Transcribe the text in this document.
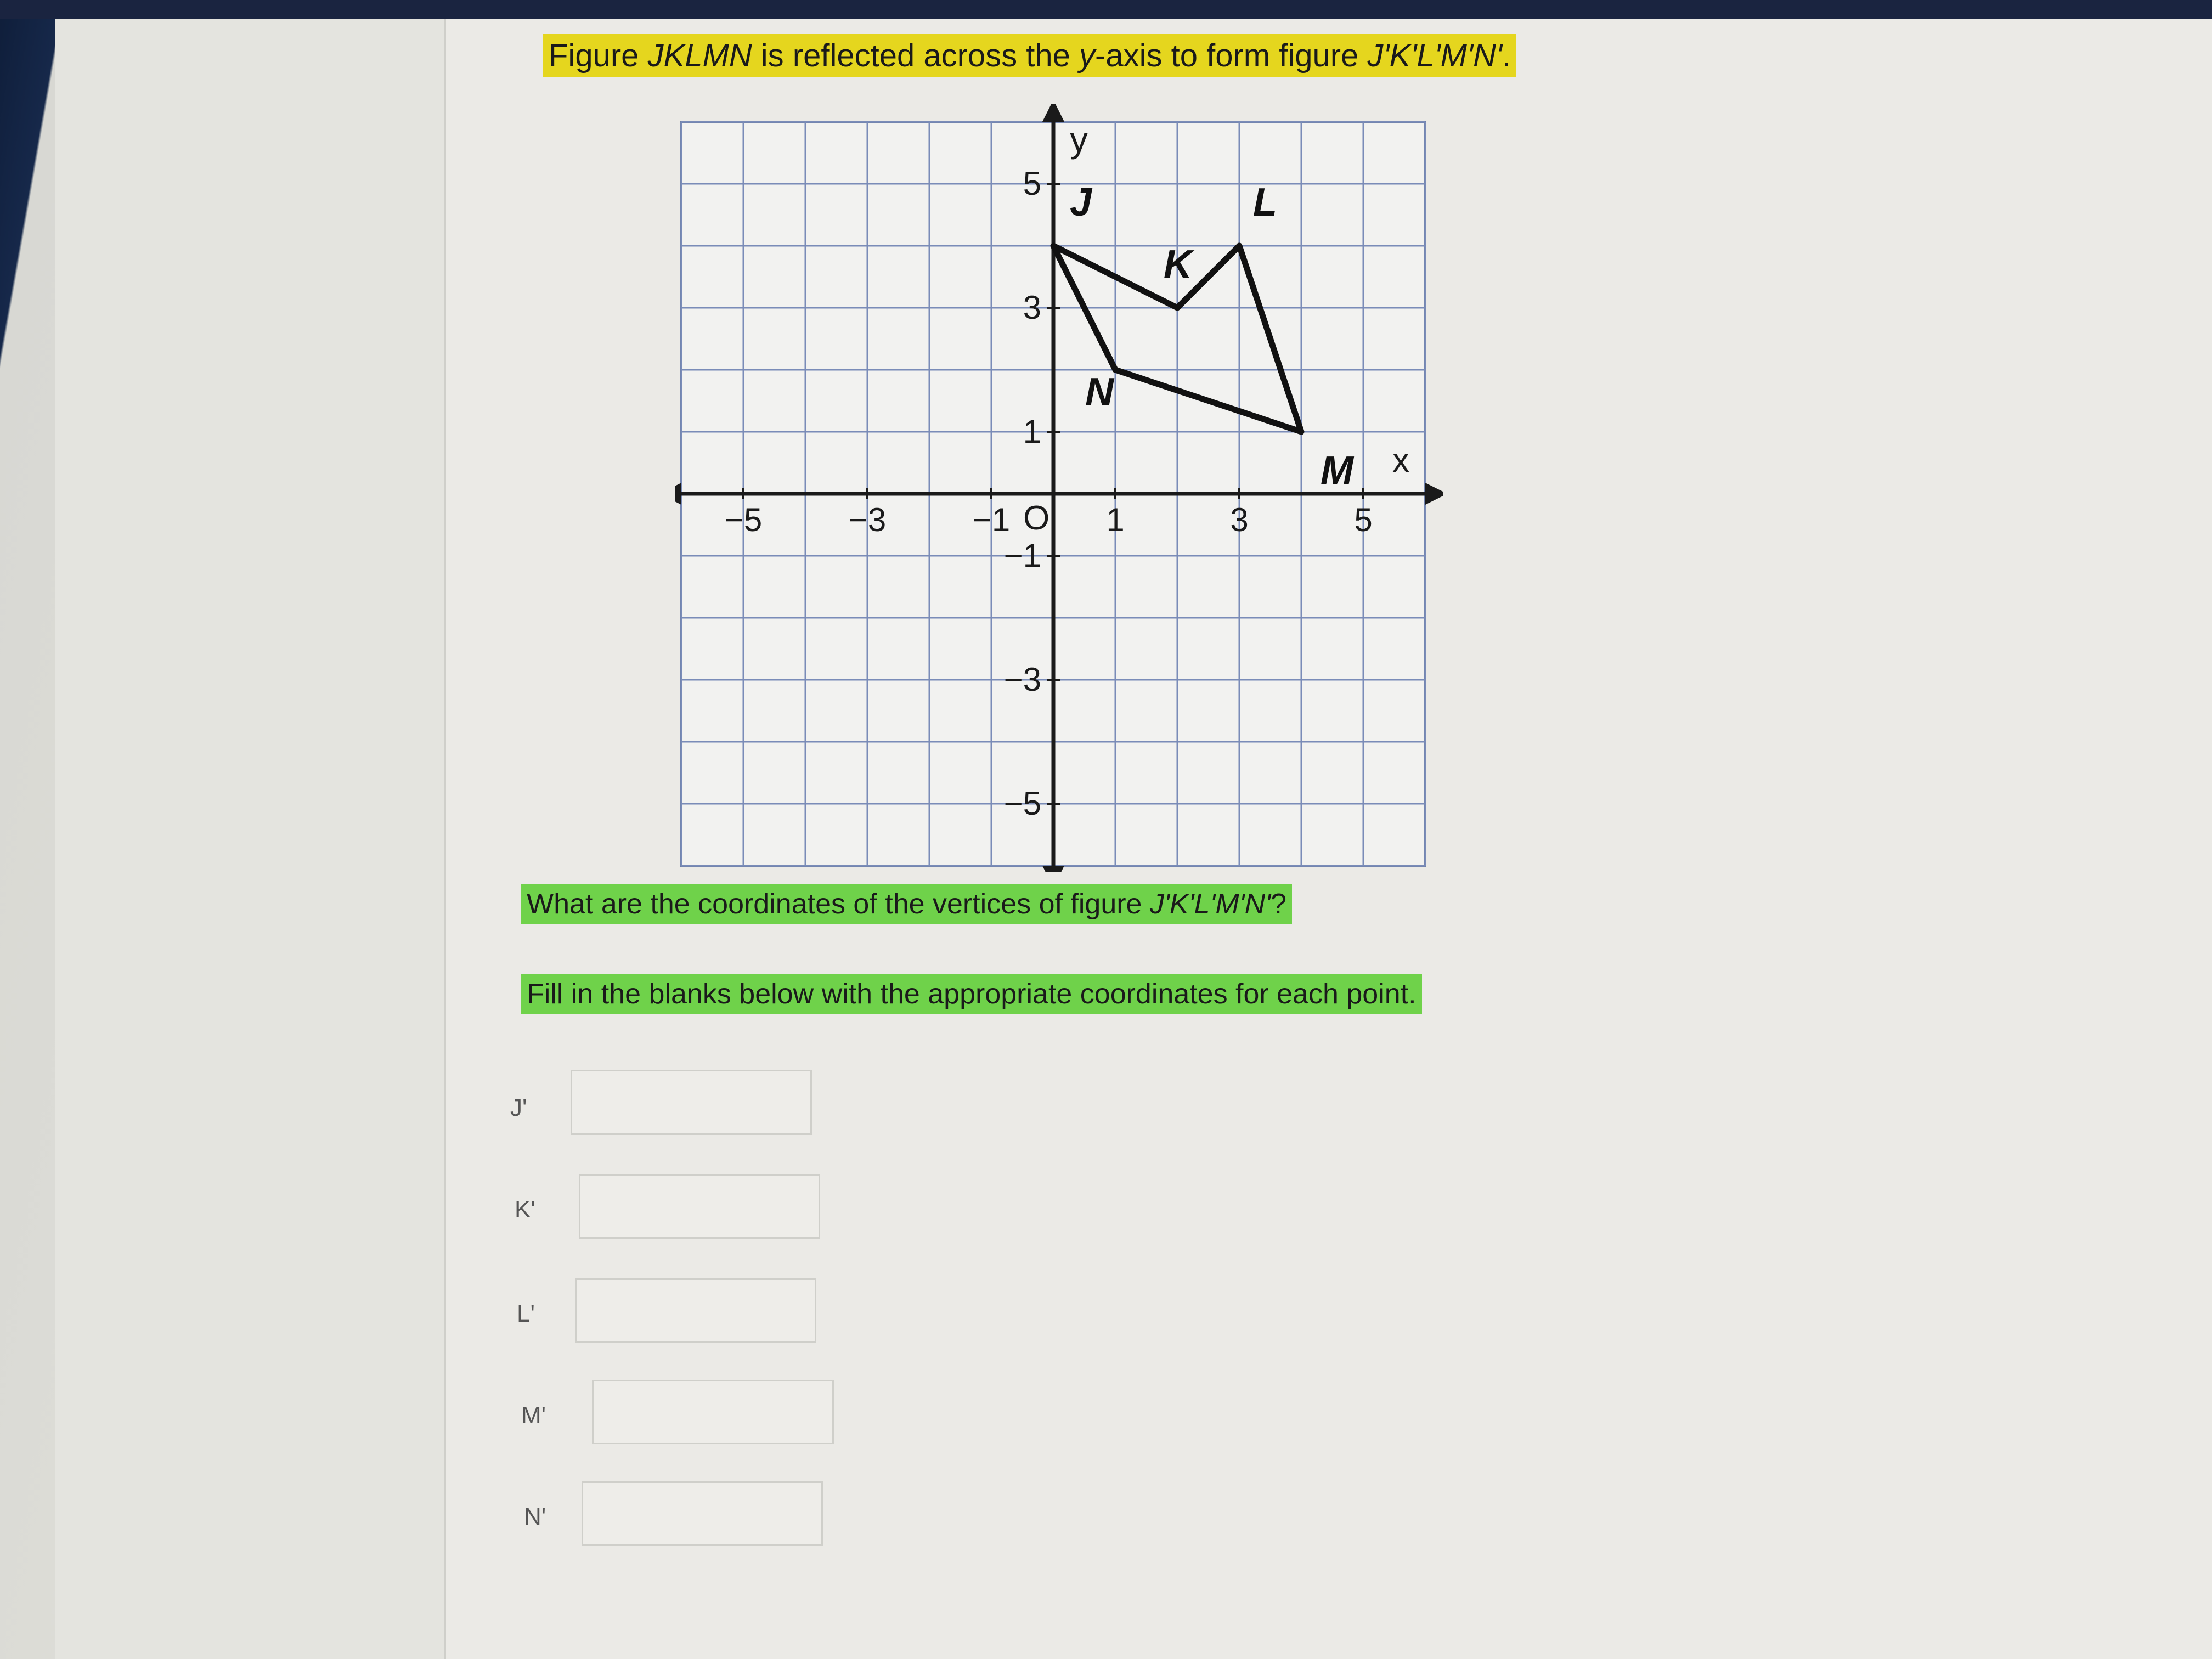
Figure JKLMN is reflected across the y-axis to form figure J'K'L'M'N'.
x
y
O
−5	−3	−1	1	3	5
5
3
1
−1
−3
−5
J
K
L
M
N
What are the coordinates of the vertices of figure J'K'L'M'N'?
Fill in the blanks below with the appropriate coordinates for each point.
J'
K'
L'
M'
N'
